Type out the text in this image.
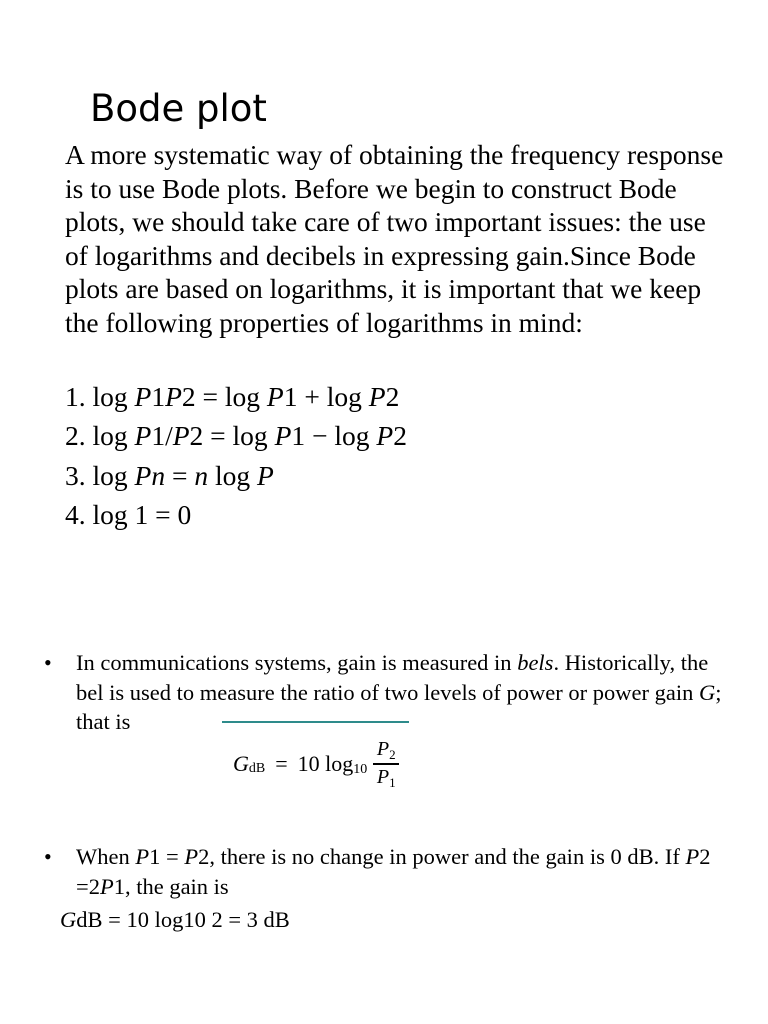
Bode plot

A more systematic way of obtaining the frequency response is to use Bode plots. Before we begin to construct Bode plots, we should take care of two important issues: the use of logarithms and decibels in expressing gain.Since Bode plots are based on logarithms, it is important that we keep the following properties of logarithms in mind:

1. log P1P2 = log P1 + log P2
2. log P1/P2 = log P1 − log P2
3. log Pn = n log P
4. log 1 = 0
• In communications systems, gain is measured in bels. Historically, the bel is used to measure the ratio of two levels of power or power gain G; that is
G dB = 10 $\log 10 \frac{P_2}{P_1}$
• When P1 = P2, there is no change in power and the gain is 0 dB. If P2 =2P1, the gain is
GdB = 10 log10 2 = 3 dB
